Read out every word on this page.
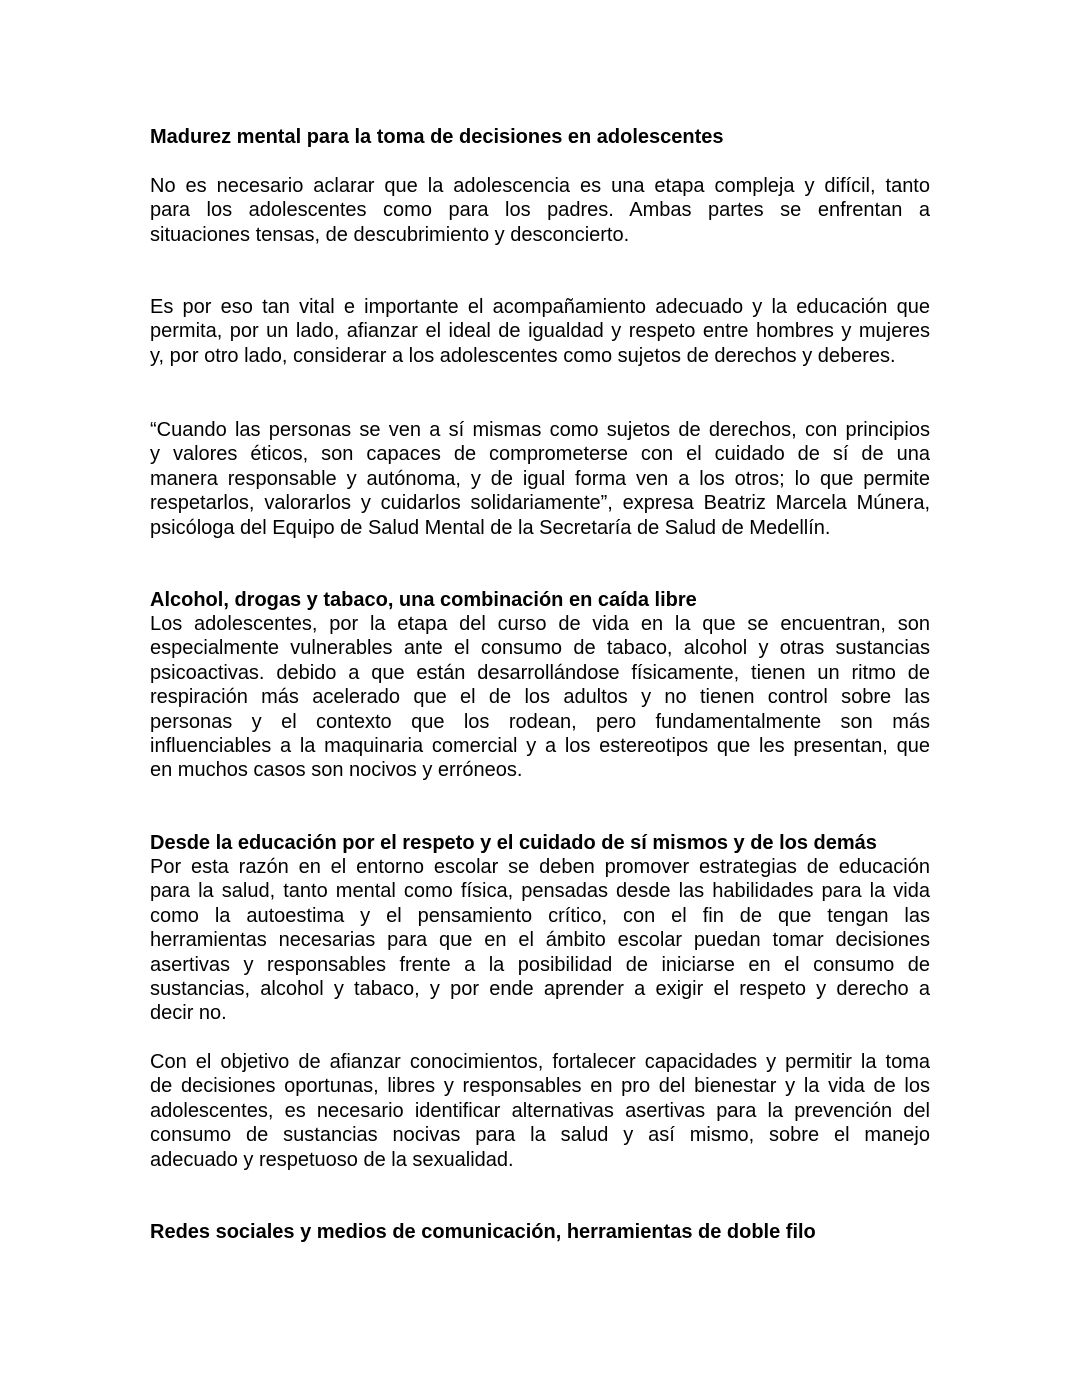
Madurez mental para la toma de decisiones en adolescentes
No es necesario aclarar que la adolescencia es una etapa compleja y difícil, tanto
para los adolescentes como para los padres. Ambas partes se enfrentan a
situaciones tensas, de descubrimiento y desconcierto.
Es por eso tan vital e importante el acompañamiento adecuado y la educación que
permita, por un lado, afianzar el ideal de igualdad y respeto entre hombres y mujeres
y, por otro lado, considerar a los adolescentes como sujetos de derechos y deberes.
“Cuando las personas se ven a sí mismas como sujetos de derechos, con principios
y valores éticos, son capaces de comprometerse con el cuidado de sí de una
manera responsable y autónoma, y de igual forma ven a los otros; lo que permite
respetarlos, valorarlos y cuidarlos solidariamente”, expresa Beatriz Marcela Múnera,
psicóloga del Equipo de Salud Mental de la Secretaría de Salud de Medellín.
Alcohol, drogas y tabaco, una combinación en caída libre
Los adolescentes, por la etapa del curso de vida en la que se encuentran, son
especialmente vulnerables ante el consumo de tabaco, alcohol y otras sustancias
psicoactivas. debido a que están desarrollándose físicamente, tienen un ritmo de
respiración más acelerado que el de los adultos y no tienen control sobre las
personas y el contexto que los rodean, pero fundamentalmente son más
influenciables a la maquinaria comercial y a los estereotipos que les presentan, que
en muchos casos son nocivos y erróneos.
Desde la educación por el respeto y el cuidado de sí mismos y de los demás
Por esta razón en el entorno escolar se deben promover estrategias de educación
para la salud, tanto mental como física, pensadas desde las habilidades para la vida
como la autoestima y el pensamiento crítico, con el fin de que tengan las
herramientas necesarias para que en el ámbito escolar puedan tomar decisiones
asertivas y responsables frente a la posibilidad de iniciarse en el consumo de
sustancias, alcohol y tabaco, y por ende aprender a exigir el respeto y derecho a
decir no.
Con el objetivo de afianzar conocimientos, fortalecer capacidades y permitir la toma
de decisiones oportunas, libres y responsables en pro del bienestar y la vida de los
adolescentes, es necesario identificar alternativas asertivas para la prevención del
consumo de sustancias nocivas para la salud y así mismo, sobre el manejo
adecuado y respetuoso de la sexualidad.
Redes sociales y medios de comunicación, herramientas de doble filo
